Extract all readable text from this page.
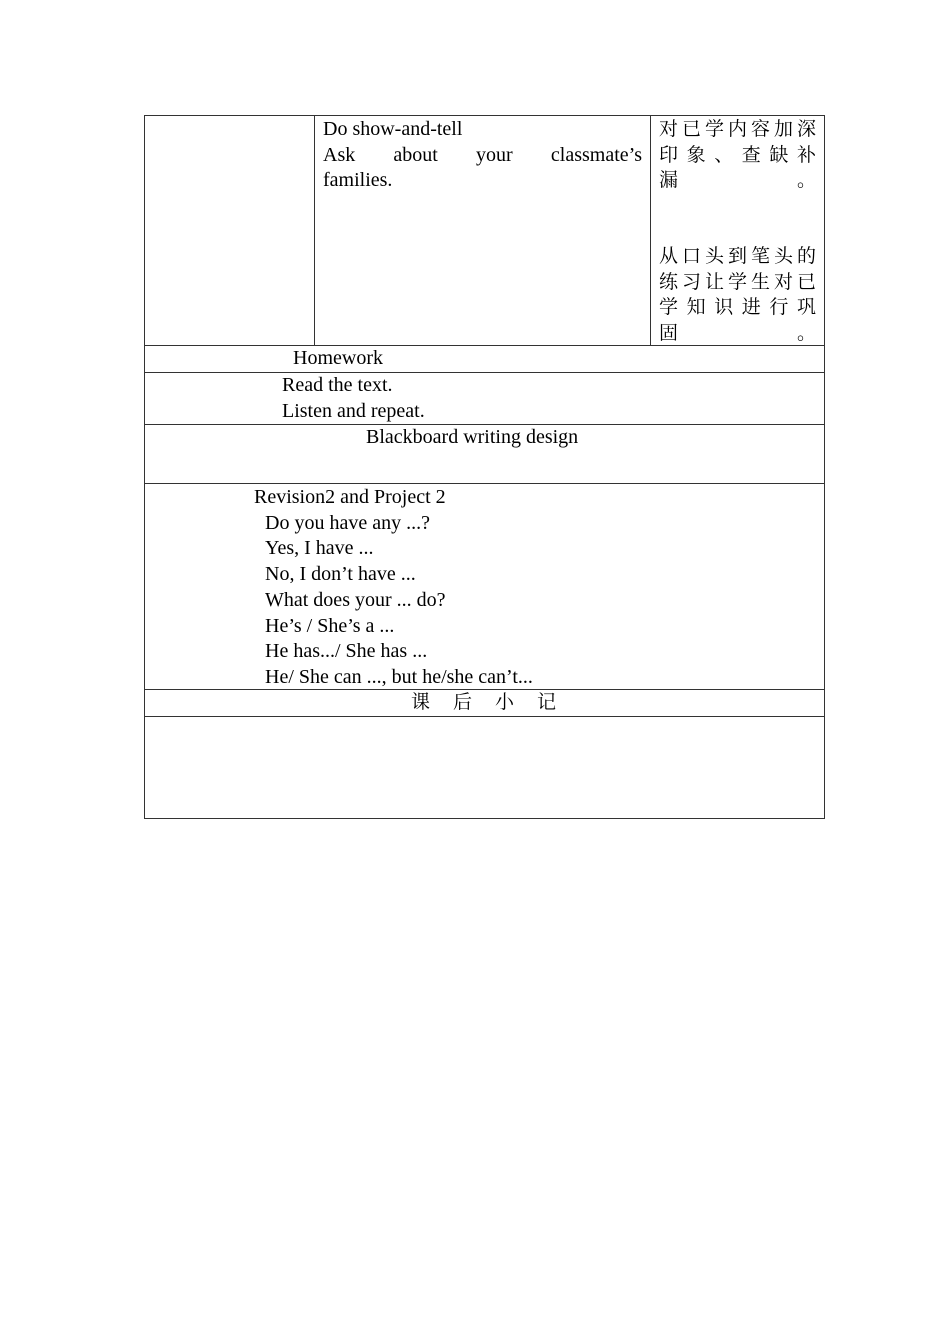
Do show-and-tell
Ask about your classmate’s
families.
对已学内容加深印象、查缺补漏。
从口头到笔头的练习让学生对已学知识进行巩固。
Homework
Read the text.
Listen and repeat.
Blackboard writing design
Revision2 and Project 2
Do you have any ...?
Yes, I have ...
No, I don’t have ...
What does your ... do?
He’s / She’s a ...
He has.../ She has ...
He/ She can ..., but he/she can’t...
课　后　小　记
